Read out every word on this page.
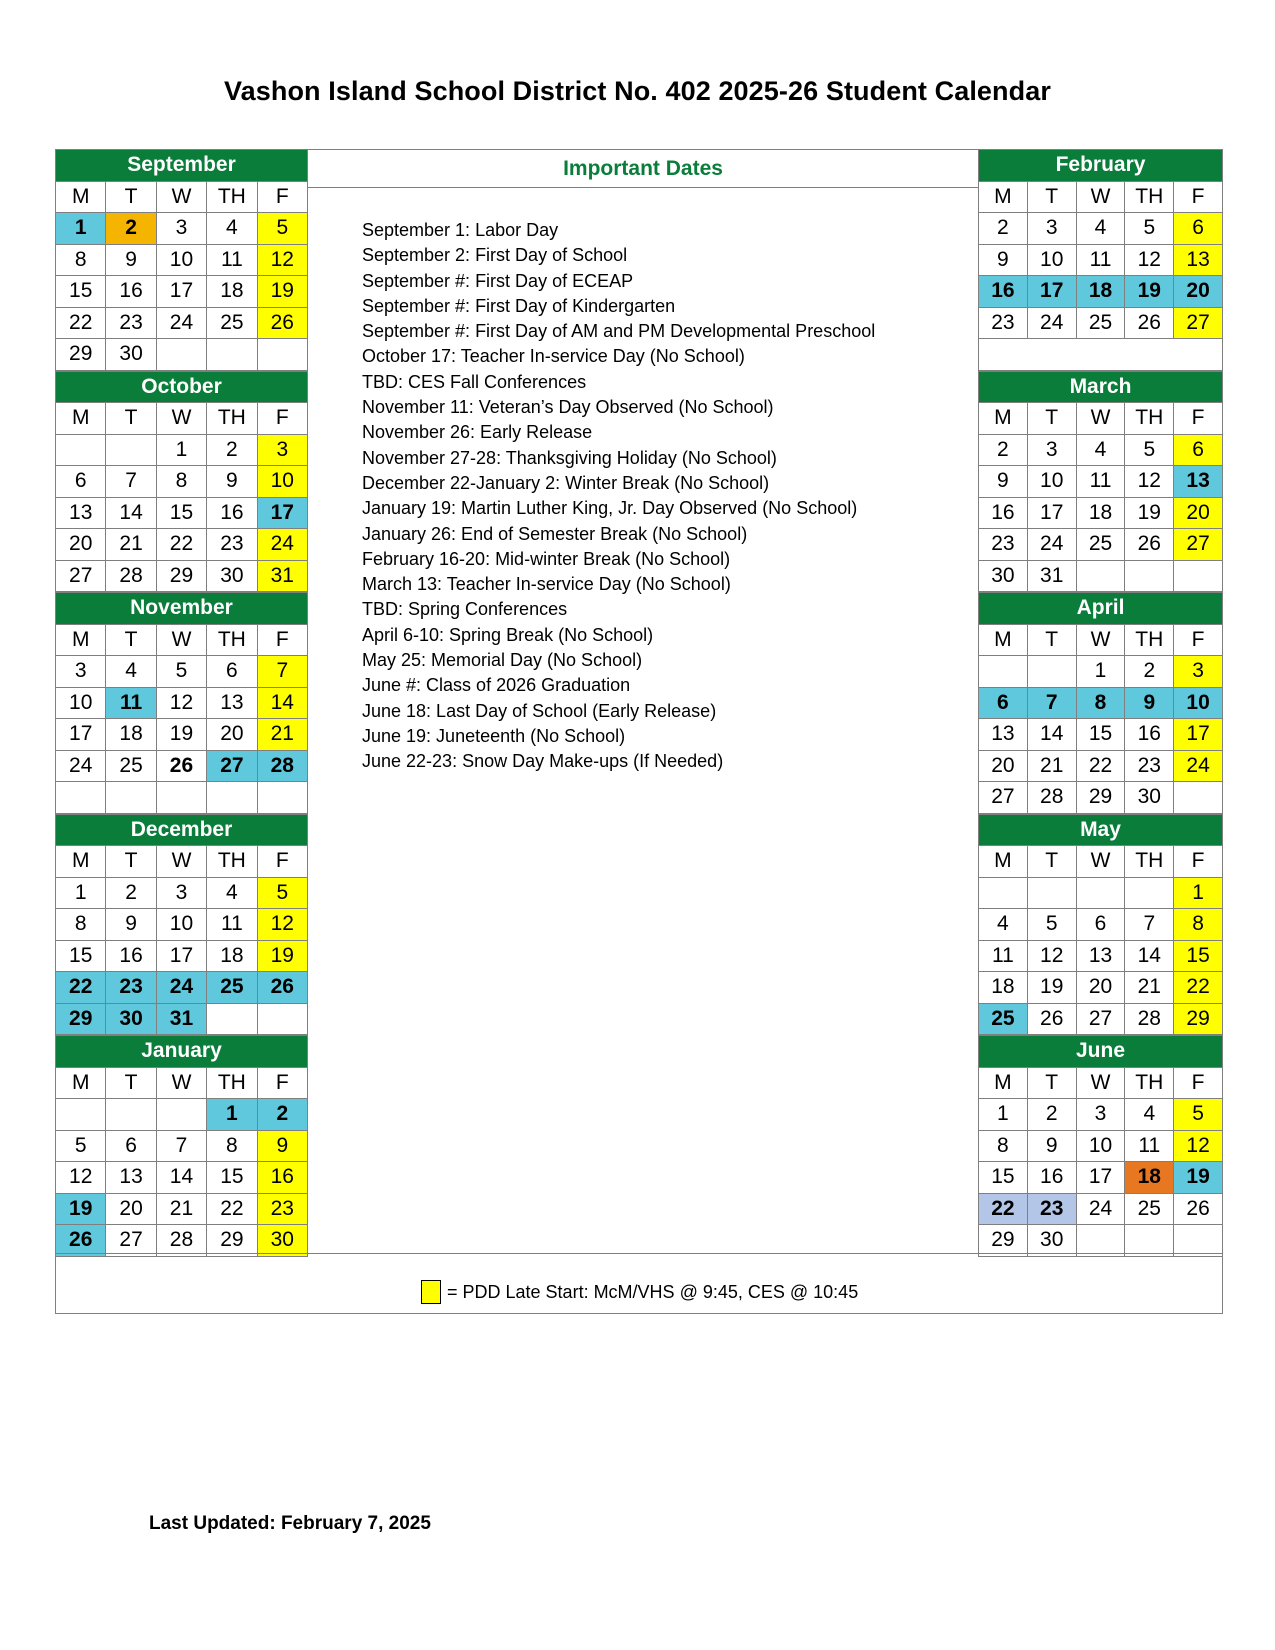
Vashon Island School District No. 402 2025-26 Student Calendar
September				
M	T	W	TH	F
1	2	3	4	5
8	9	10	11	12
15	16	17	18	19
22	23	24	25	26
29	30			
October				
M	T	W	TH	F
		1	2	3
6	7	8	9	10
13	14	15	16	17
20	21	22	23	24
27	28	29	30	31
November				
M	T	W	TH	F
3	4	5	6	7
10	11	12	13	14
17	18	19	20	21
24	25	26	27	28

December				
M	T	W	TH	F
1	2	3	4	5
8	9	10	11	12
15	16	17	18	19
22	23	24	25	26
29	30	31		
January				
M	T	W	TH	F
			1	2
5	6	7	8	9
12	13	14	15	16
19	20	21	22	23
26	27	28	29	30
Important Dates
September 1: Labor Day
September 2: First Day of School
September #: First Day of ECEAP
September #: First Day of Kindergarten
September #: First Day of AM and PM Developmental Preschool
October 17: Teacher In-service Day (No School)
TBD: CES Fall Conferences
November 11: Veteran’s Day Observed (No School)
November 26: Early Release
November 27-28: Thanksgiving Holiday (No School)
December 22-January 2: Winter Break (No School)
January 19: Martin Luther King, Jr. Day Observed (No School)
January 26: End of Semester Break (No School)
February 16-20: Mid-winter Break (No School)
March 13: Teacher In-service Day (No School)
TBD: Spring Conferences
April 6-10: Spring Break (No School)
May 25: Memorial Day (No School)
June #: Class of 2026 Graduation
June 18: Last Day of School (Early Release)
June 19: Juneteenth (No School)
June 22-23: Snow Day Make-ups (If Needed)
February				
M	T	W	TH	F
2	3	4	5	6
9	10	11	12	13
16	17	18	19	20
23	24	25	26	27

March				
M	T	W	TH	F
2	3	4	5	6
9	10	11	12	13
16	17	18	19	20
23	24	25	26	27
30	31			
April				
M	T	W	TH	F
		1	2	3
6	7	8	9	10
13	14	15	16	17
20	21	22	23	24
27	28	29	30	
May				
M	T	W	TH	F
				1
4	5	6	7	8
11	12	13	14	15
18	19	20	21	22
25	26	27	28	29
June				
M	T	W	TH	F
1	2	3	4	5
8	9	10	11	12
15	16	17	18	19
22	23	24	25	26
29	30			
= PDD Late Start: McM/VHS @ 9:45, CES @ 10:45
Last Updated: February 7, 2025
